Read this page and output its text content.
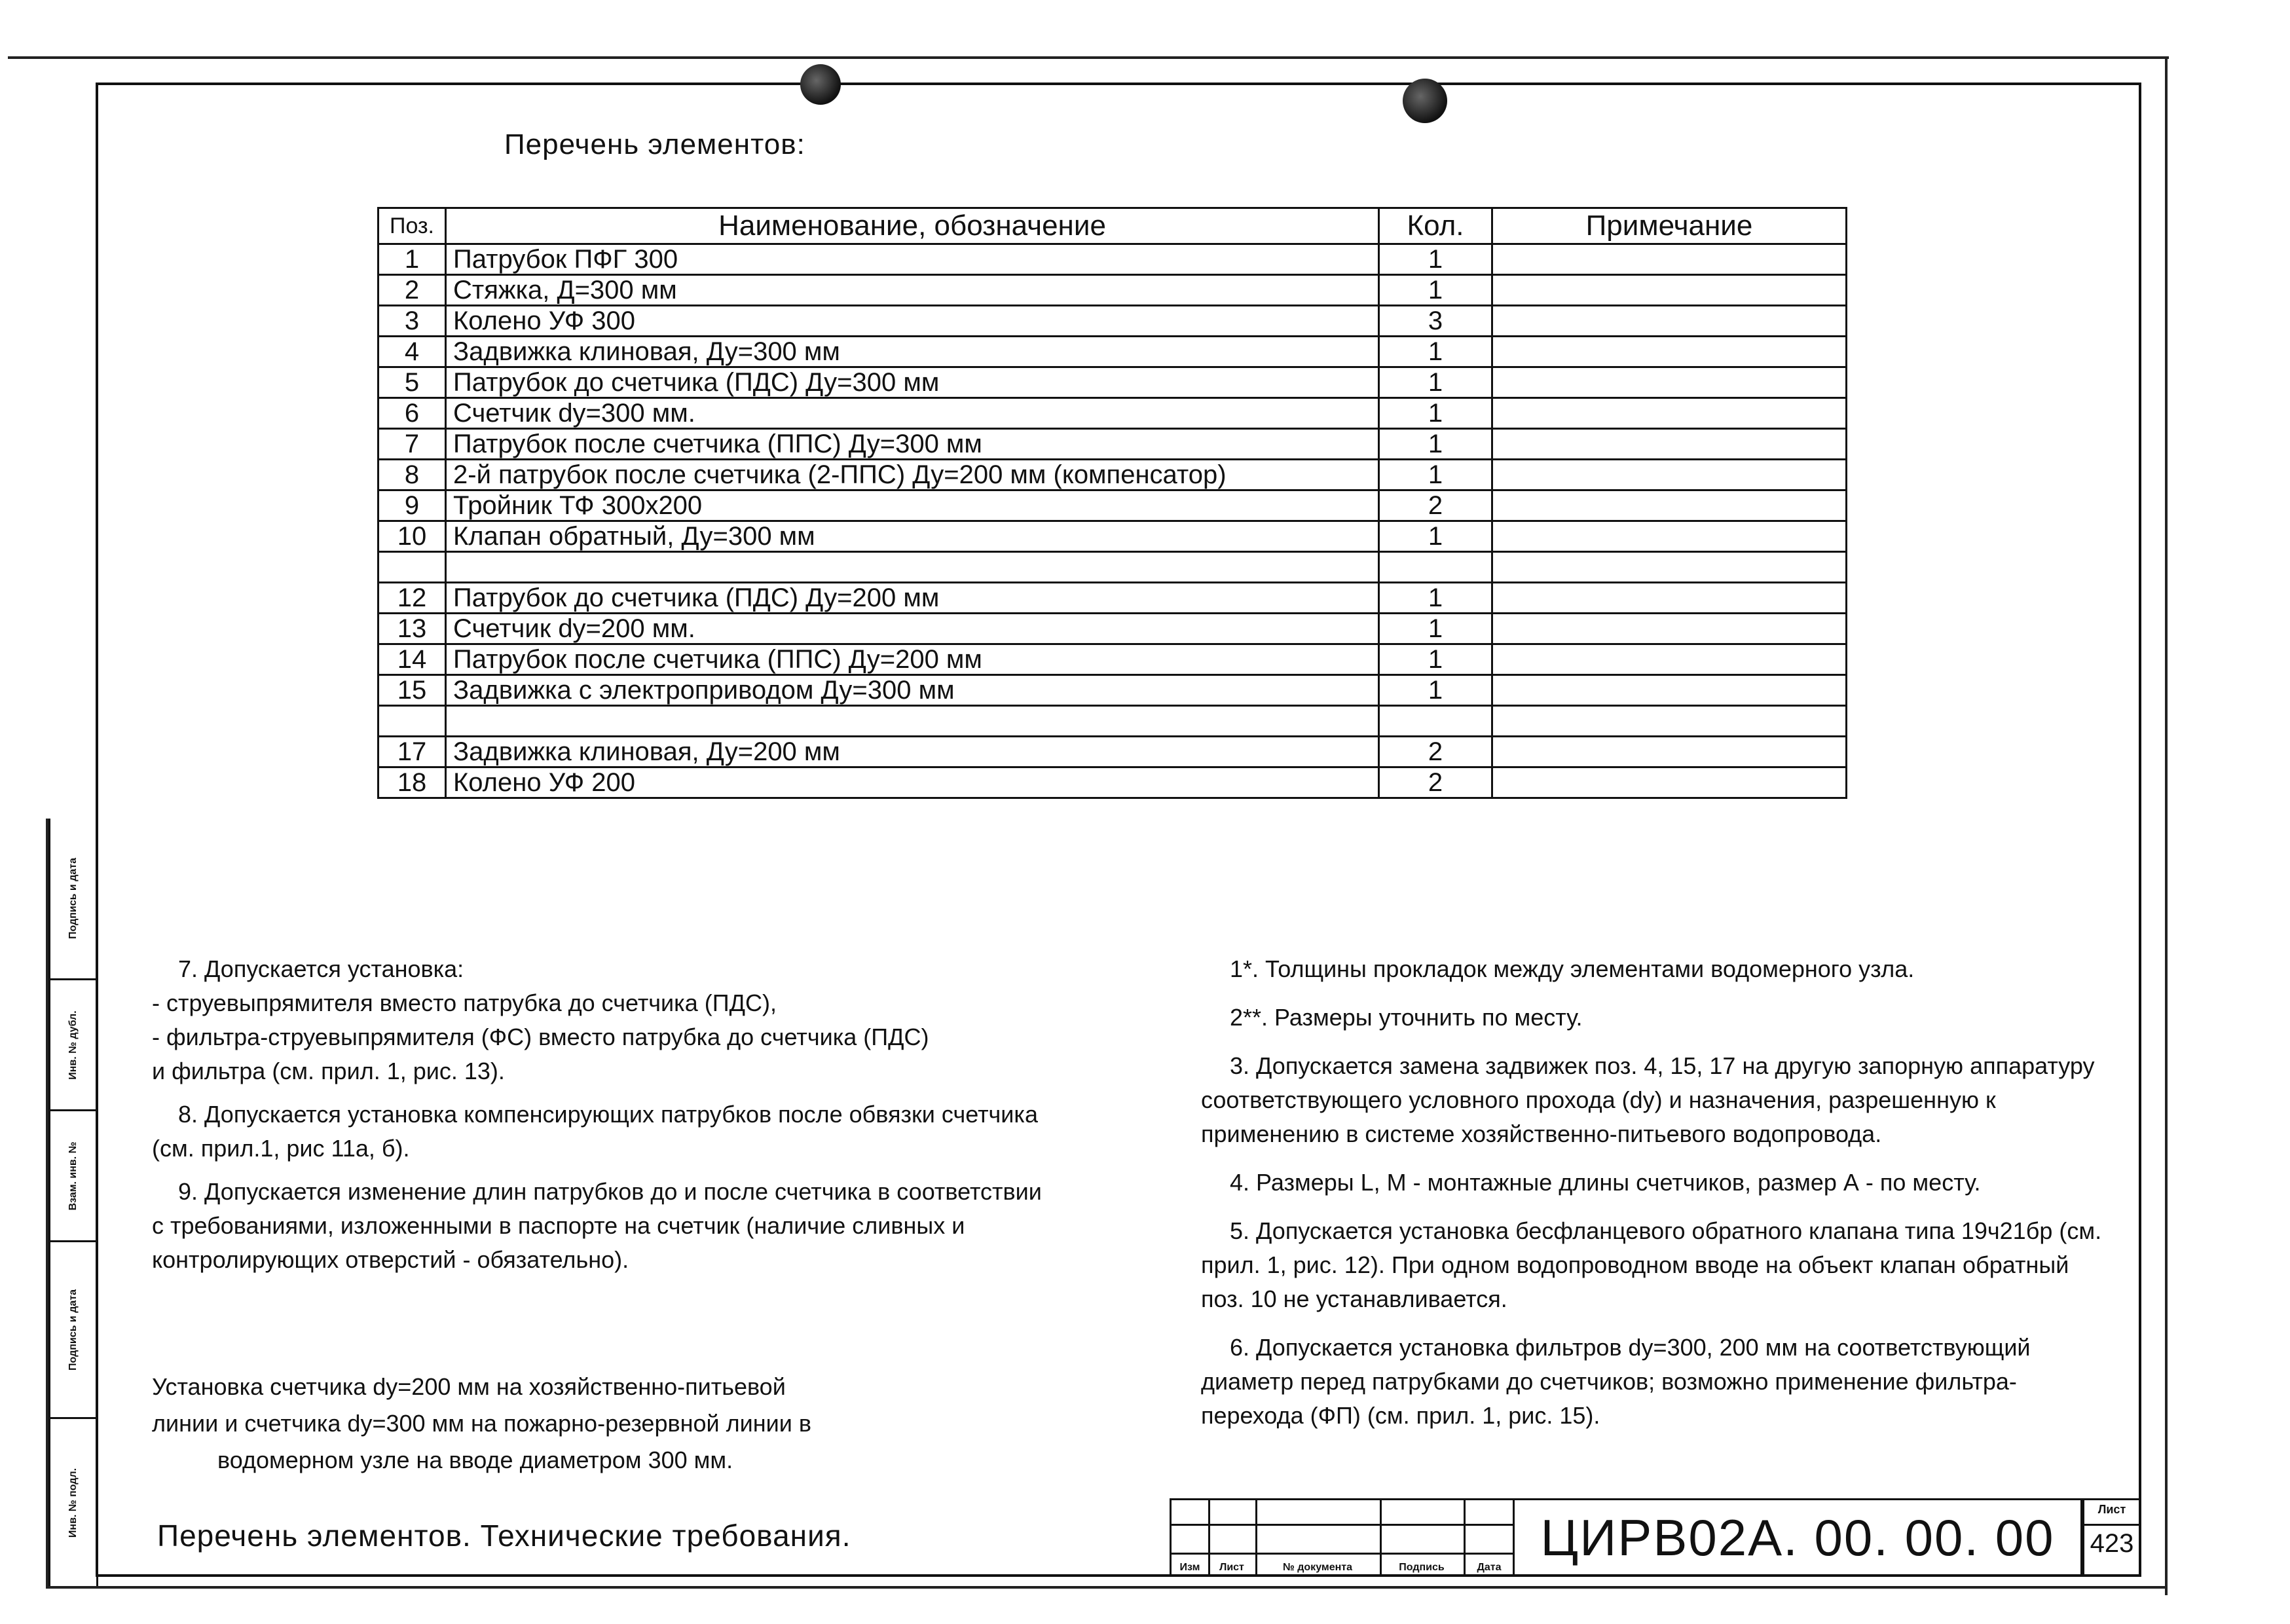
Подпись и дата
Инв. № дубл.
Взам. инв. №
Подпись и дата
Инв. № подл.
Перечень элементов:
Поз.	Наименование, обозначение	Кол.	Примечание
1	Патрубок ПФГ 300	1	
2	Стяжка, Д=300 мм	1	
3	Колено УФ 300	3	
4	Задвижка клиновая, Ду=300 мм	1	
5	Патрубок до счетчика (ПДС) Ду=300 мм	1	
6	Счетчик dy=300 мм.	1	
7	Патрубок после счетчика (ППС) Ду=300 мм	1	
8	2-й патрубок после счетчика (2-ППС) Ду=200 мм (компенсатор)	1	
9	Тройник ТФ 300х200	2	
10	Клапан обратный, Ду=300 мм	1	

12	Патрубок до счетчика (ПДС) Ду=200 мм	1	
13	Счетчик dy=200 мм.	1	
14	Патрубок после счетчика (ППС) Ду=200 мм	1	
15	Задвижка с электроприводом Ду=300 мм	1	

17	Задвижка клиновая, Ду=200 мм	2	
18	Колено УФ 200	2	

7. Допускается установка:

- струевыпрямителя вместо патрубка до счетчика (ПДС),

- фильтра-струевыпрямителя (ФС) вместо патрубка до счетчика (ПДС)

и фильтра (см. прил. 1, рис. 13).

8. Допускается установка компенсирующих патрубков после обвязки счетчика (см. прил.1, рис 11а, б).

9. Допускается изменение длин патрубков до и после счетчика в соответствии с требованиями, изложенными в паспорте на счетчик (наличие сливных и контролирующих отверстий - обязательно).

1*. Толщины прокладок между элементами водомерного узла.

2**. Размеры уточнить по месту.

3. Допускается замена задвижек поз. 4, 15, 17 на другую запорную аппаратуру соответствующего условного прохода (dy) и назначения, разрешенную к применению в системе хозяйственно-питьевого водопровода.

4. Размеры L, M - монтажные длины счетчиков, размер А - по месту.

5. Допускается установка бесфланцевого обратного клапана типа 19ч21бр (см. прил. 1, рис. 12). При одном водопроводном вводе на объект клапан обратный поз. 10 не устанавливается.

6. Допускается установка фильтров dy=300, 200 мм на соответствующий диаметр перед патрубками до счетчиков; возможно применение фильтра-перехода (ФП) (см. прил. 1, рис. 15).

Установка счетчика dy=200 мм на хозяйственно-питьевой
линии и счетчика dy=300 мм на пожарно-резервной линии в
водомерном узле на вводе диаметром 300 мм.
Перечень элементов. Технические требования.
Изм	Лист	№ документа	Подпись	Дата
ЦИРВ02А. 00. 00. 00	Лист
423
